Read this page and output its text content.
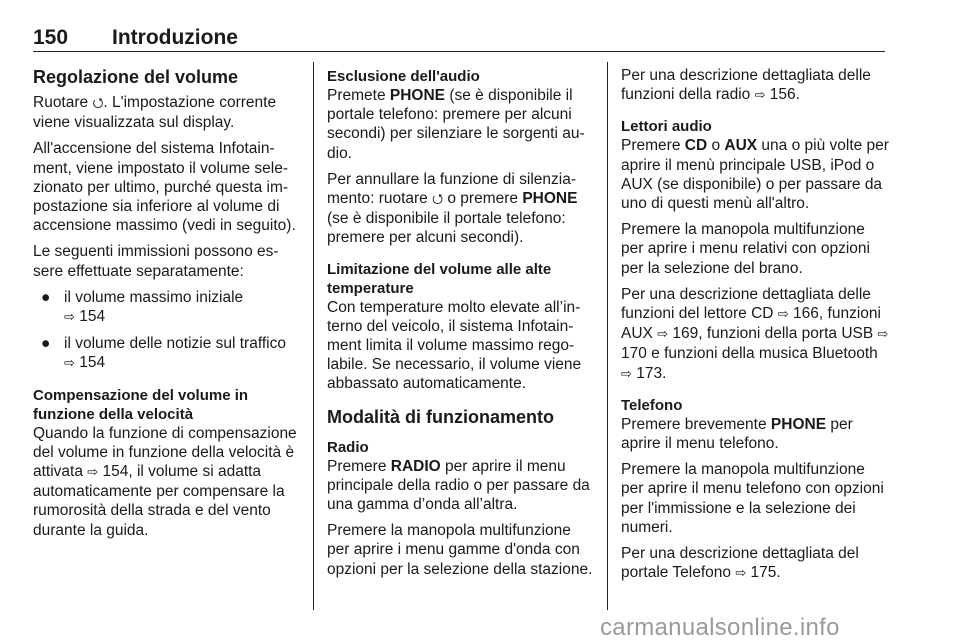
150 Introduzione
Regolazione del volume

Ruotare ⭯. L'impostazione corrente viene visualizzata sul display.

All'accensione del sistema Infotainment, viene impostato il volume selezionato per ultimo, purché questa impostazione sia inferiore al volume di accensione massimo (vedi in seguito).

Le seguenti immissioni possono essere effettuate separatamente:

● il volume massimo iniziale
⇨ 154
● il volume delle notizie sul traffico
⇨ 154
Compensazione del volume in funzione della velocità

Quando la funzione di compensazione del volume in funzione della velocità è attivata ⇨ 154, il volume si adatta automaticamente per compensare la rumorosità della strada e del vento durante la guida.

Esclusione dell'audio

Premete PHONE (se è disponibile il portale telefono: premere per alcuni secondi) per silenziare le sorgenti audio.

Per annullare la funzione di silenziamento: ruotare ⭯ o premere PHONE (se è disponibile il portale telefono: premere per alcuni secondi).

Limitazione del volume alle alte temperature

Con temperature molto elevate all’interno del veicolo, il sistema Infotainment limita il volume massimo regolabile. Se necessario, il volume viene abbassato automaticamente.

Modalità di funzionamento
Radio

Premere RADIO per aprire il menu principale della radio o per passare da una gamma d’onda all’altra.

Premere la manopola multifunzione per aprire i menu gamme d'onda con opzioni per la selezione della stazione.

Per una descrizione dettagliata delle funzioni della radio ⇨ 156.

Lettori audio

Premere CD o AUX una o più volte per aprire il menù principale USB, iPod o AUX (se disponibile) o per passare da uno di questi menù all'altro.

Premere la manopola multifunzione per aprire i menu relativi con opzioni per la selezione del brano.

Per una descrizione dettagliata delle funzioni del lettore CD ⇨ 166, funzioni AUX ⇨ 169, funzioni della porta USB ⇨ 170 e funzioni della musica Bluetooth ⇨ 173.

Telefono

Premere brevemente PHONE per aprire il menu telefono.

Premere la manopola multifunzione per aprire il menu telefono con opzioni per l'immissione e la selezione dei numeri.

Per una descrizione dettagliata del portale Telefono ⇨ 175.

carmanualsonline.info
